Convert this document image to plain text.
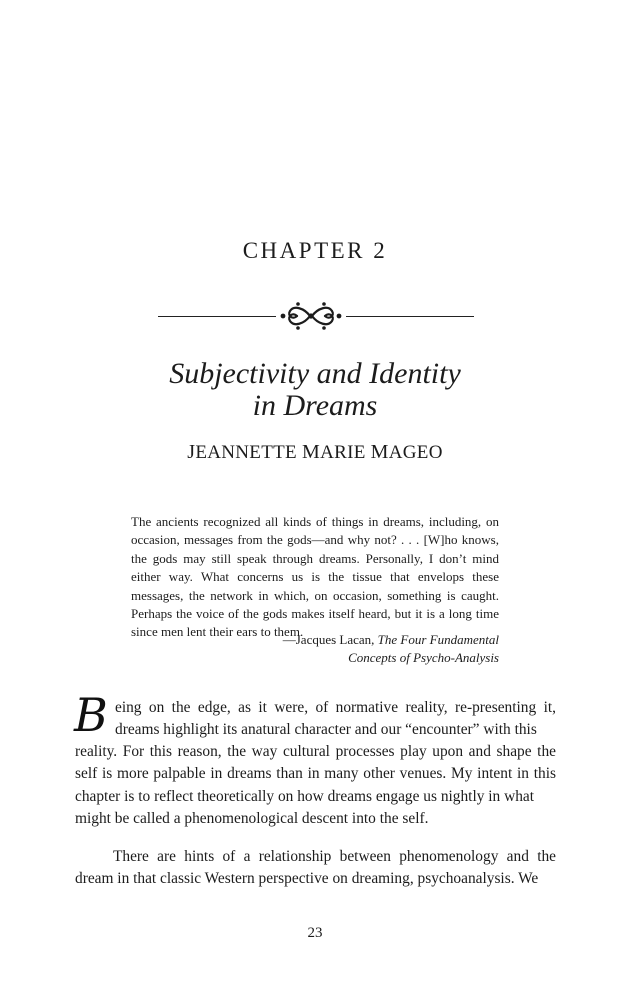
CHAPTER 2
Subjectivity and Identity
in Dreams
JEANNETTE MARIE MAGEO
The ancients recognized all kinds of things in dreams, including, on occasion, messages from the gods—and why not? . . . [W]ho knows, the gods may still speak through dreams. Personally, I don’t mind either way. What concerns us is the tissue that envelops these messages, the network in which, on occasion, something is caught. Perhaps the voice of the gods makes itself heard, but it is a long time since men lent their ears to them.
—Jacques Lacan, The Four Fundamental
Concepts of Psycho-Analysis
B eing on the edge, as it were, of normative reality, re-presenting it, dreams highlight its anatural character and our “encounter” with this
reality. For this reason, the way cultural processes play upon and shape the self is more palpable in dreams than in many other venues. My intent in this chapter is to reflect theoretically on how dreams engage us nightly in what
might be called a phenomenological descent into the self.
There are hints of a relationship between phenomenology and the dream in that classic Western perspective on dreaming, psychoanalysis. We
23
